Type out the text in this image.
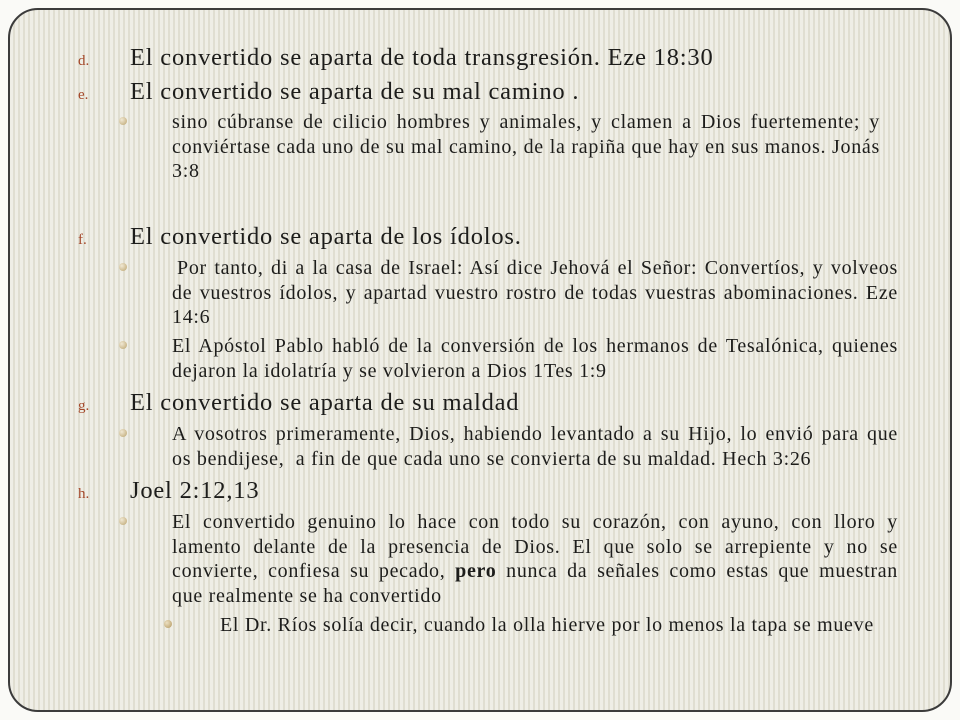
d. El convertido se aparta de toda transgresión. Eze 18:30
e. El convertido se aparta de su mal camino .
sino cúbranse de cilicio hombres y animales, y clamen a Dios fuertemente; y
conviértase cada uno de su mal camino, de la rapiña que hay en sus manos. Jonás
3:8
f. El convertido se aparta de los ídolos.
Por tanto, di a la casa de Israel: Así dice Jehová el Señor: Convertíos, y volveos
de vuestros ídolos, y apartad vuestro rostro de todas vuestras abominaciones. Eze
14:6
El Apóstol Pablo habló de la conversión de los hermanos de Tesalónica, quienes
dejaron la idolatría y se volvieron a Dios 1Tes 1:9
g. El convertido se aparta de su maldad
A vosotros primeramente, Dios, habiendo levantado a su Hijo, lo envió para que
os bendijese,  a fin de que cada uno se convierta de su maldad. Hech 3:26
h. Joel 2:12,13
El convertido genuino lo hace con todo su corazón, con ayuno, con lloro y
lamento delante de la presencia de Dios. El que solo se arrepiente y no se
convierte, confiesa su pecado, pero nunca da señales como estas que muestran
que realmente se ha convertido
El Dr. Ríos solía decir, cuando la olla hierve por lo menos la tapa se mueve
